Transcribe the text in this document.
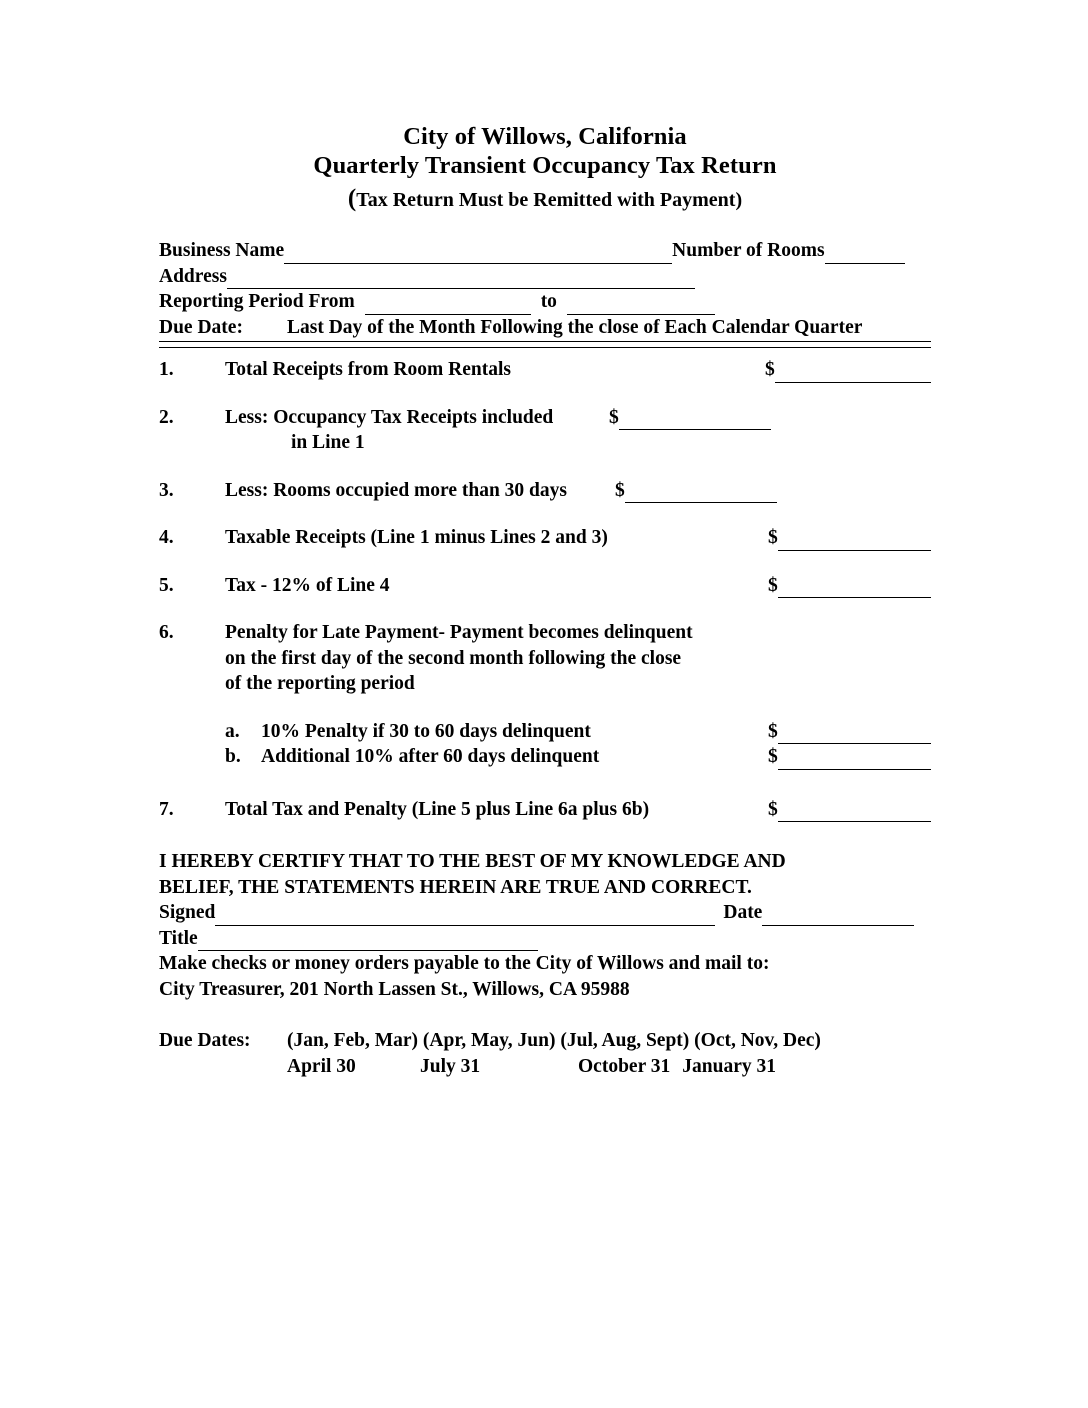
City of Willows, California
Quarterly Transient Occupancy Tax Return
(Tax Return Must be Remitted with Payment)
Business Name	Number of Rooms
Address
Reporting Period From	to
Due Date:	Last Day of the Month Following the close of Each Calendar Quarter
1.	Total Receipts from Room Rentals	$
2.	Less: Occupancy Tax Receipts included	$
in Line 1
3.	Less: Rooms occupied more than 30 days $
4.	Taxable Receipts (Line 1 minus Lines 2 and 3)	$
5.	Tax - 12% of Line 4	$
6.	Penalty for Late Payment- Payment becomes delinquent
on the first day of the second month following the close
of the reporting period
a.	10% Penalty if 30 to 60 days delinquent	$
b.	Additional 10% after 60 days delinquent	$
7.	Total Tax and Penalty (Line 5 plus Line 6a plus 6b)	$
I HEREBY CERTIFY THAT TO THE BEST OF MY KNOWLEDGE AND
BELIEF, THE STATEMENTS HEREIN ARE TRUE AND CORRECT.
Signed	Date
Title
Make checks or money orders payable to the City of Willows and mail to:
City Treasurer, 201 North Lassen St., Willows, CA 95988
Due Dates:	(Jan, Feb, Mar) (Apr, May, Jun) (Jul, Aug, Sept) (Oct, Nov, Dec)
April 30	July 31	October 31 January 31
